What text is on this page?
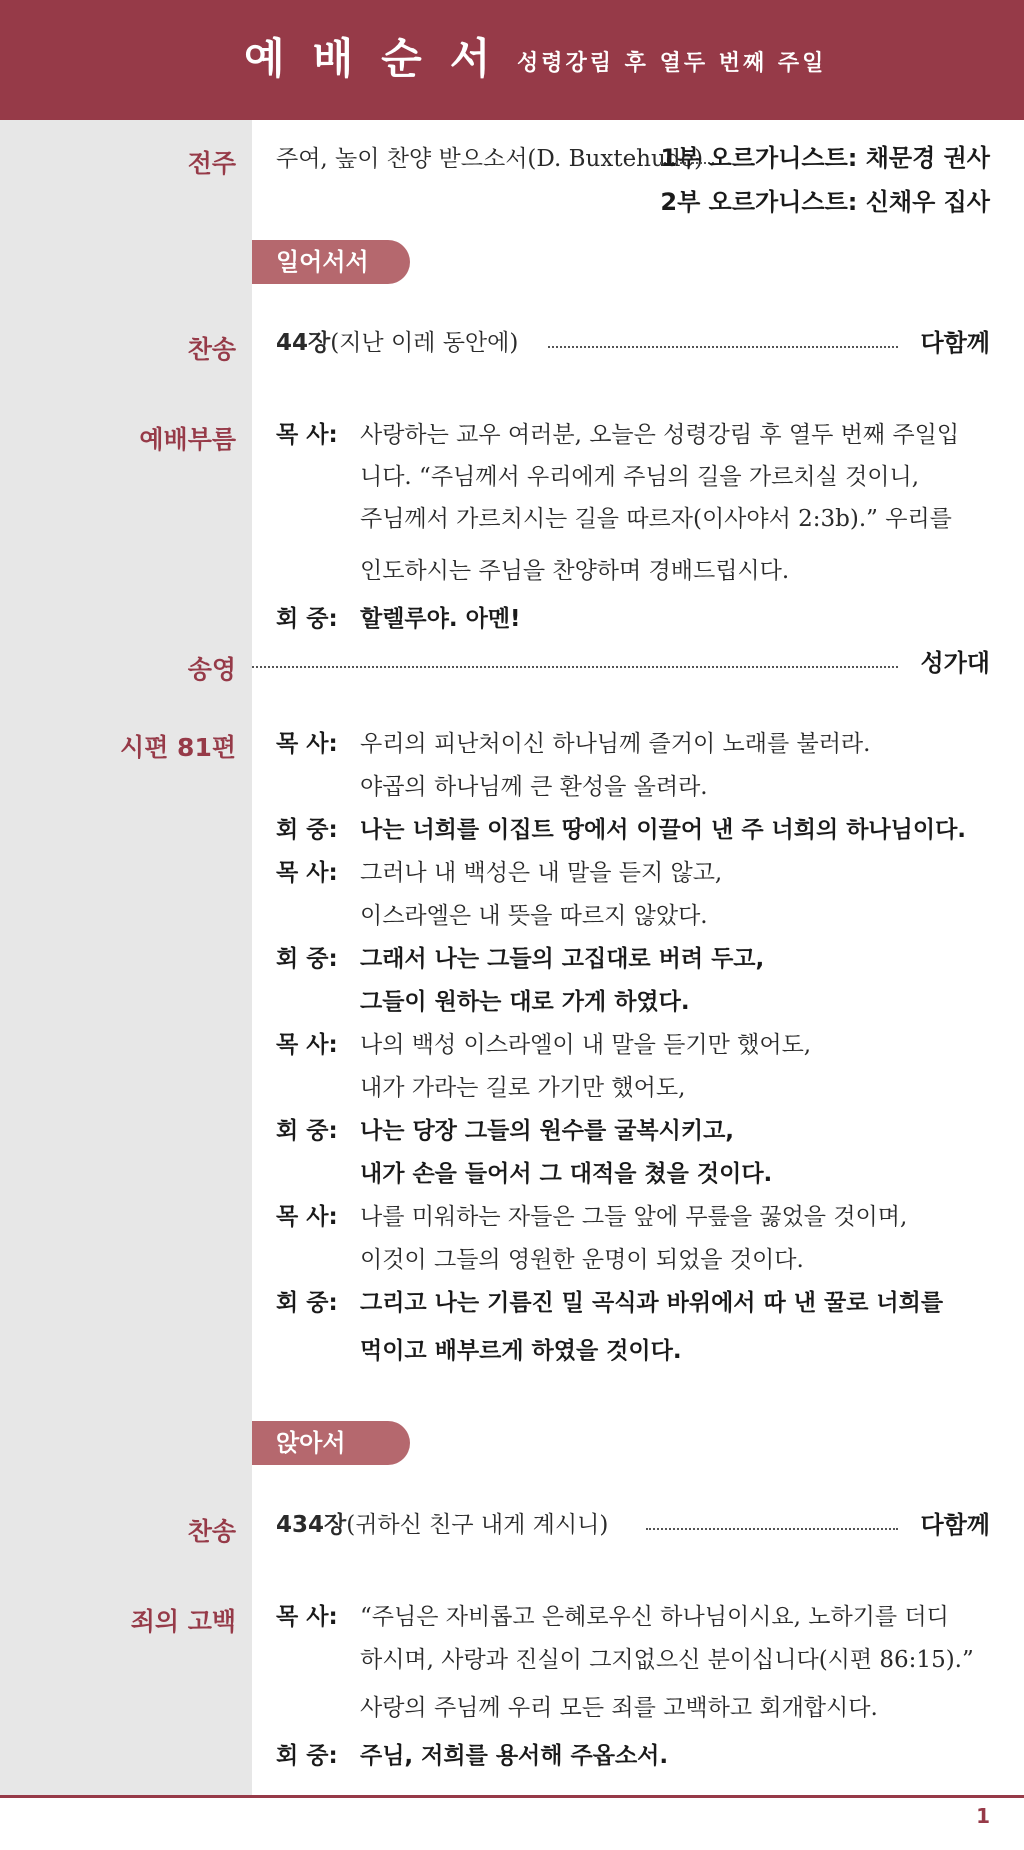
예배순서
성령강림 후 열두 번째 주일
전주 주여, 높이 찬양 받으소서(D. Buxtehude)
1부 오르가니스트: 채문경 권사
2부 오르가니스트: 신채우 집사
일어서서
찬송 44장(지난 이레 동안에)	다함께
예배부름 목 사: 사랑하는 교우 여러분, 오늘은 성령강림 후 열두 번째 주일입
니다. “주님께서 우리에게 주님의 길을 가르치실 것이니,
주님께서 가르치시는 길을 따르자(이사야서 2:3b).” 우리를
인도하시는 주님을 찬양하며 경배드립시다.
회 중: 할렐루야. 아멘!
송영	성가대
시편 81편 목 사: 우리의 피난처이신 하나님께 즐거이 노래를 불러라.
야곱의 하나님께 큰 환성을 올려라.
회 중: 나는 너희를 이집트 땅에서 이끌어 낸 주 너희의 하나님이다.
목 사: 그러나 내 백성은 내 말을 듣지 않고,
이스라엘은 내 뜻을 따르지 않았다.
회 중: 그래서 나는 그들의 고집대로 버려 두고,
그들이 원하는 대로 가게 하였다.
목 사: 나의 백성 이스라엘이 내 말을 듣기만 했어도,
내가 가라는 길로 가기만 했어도,
회 중: 나는 당장 그들의 원수를 굴복시키고,
내가 손을 들어서 그 대적을 쳤을 것이다.
목 사: 나를 미워하는 자들은 그들 앞에 무릎을 꿇었을 것이며,
이것이 그들의 영원한 운명이 되었을 것이다.
회 중: 그리고 나는 기름진 밀 곡식과 바위에서 따 낸 꿀로 너희를
먹이고 배부르게 하였을 것이다.
앉아서
찬송 434장(귀하신 친구 내게 계시니)	다함께
죄의 고백 목 사: “주님은 자비롭고 은혜로우신 하나님이시요, 노하기를 더디
하시며, 사랑과 진실이 그지없으신 분이십니다(시편 86:15).”
사랑의 주님께 우리 모든 죄를 고백하고 회개합시다.
회 중: 주님, 저희를 용서해 주옵소서.
1
